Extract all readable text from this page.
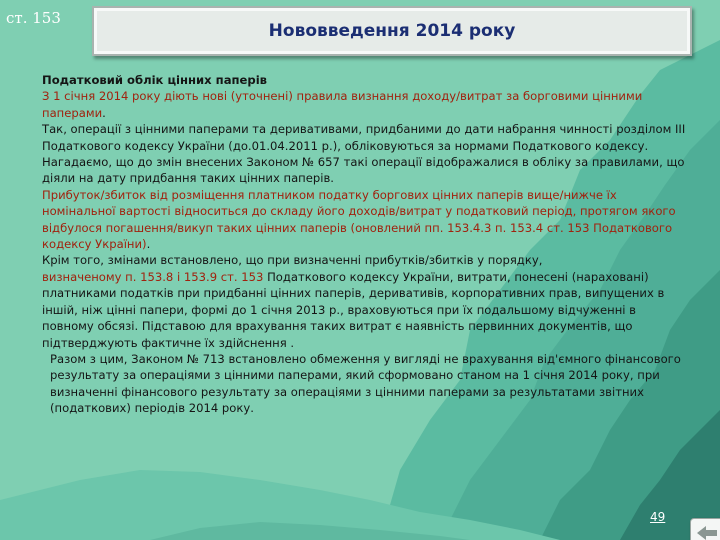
ст. 153
Нововведення 2014 року

Податковий облік цінних паперів

З 1 січня 2014 року діють нові (уточнені) правила визнання доходу/витрат за борговими цінними паперами.

Так, операції з цінними паперами та деривативами, придбаними до дати набрання чинності розділом III Податкового кодексу України (до.01.04.2011 р.), обліковуються за нормами Податкового кодексу. Нагадаємо, що до змін внесених Законом № 657 такі операції відображалися в обліку за правилами, що діяли на дату придбання таких цінних паперів.

Прибуток/збиток від розміщення платником податку боргових цінних паперів вище/нижче їх номінальної вартості відноситься до складу його доходів/витрат у податковий період, протягом якого відбулося погашення/викуп таких цінних паперів (оновлений пп. 153.4.3 п. 153.4 ст. 153 Податкового кодексу України).

Крім того, змінами встановлено, що при визначенні прибутків/збитків у порядку,
визначеному п. 153.8 і 153.9 ст. 153 Податкового кодексу України, витрати, понесені (нараховані) платниками податків при придбанні цінних паперів, деривативів, корпоративних прав, випущених в іншій, ніж цінні папери, формі до 1 січня 2013 р., враховуються при їх подальшому відчуженні в повному обсязі. Підставою для врахування таких витрат є наявність первинних документів, що підтверджують фактичне їх здійснення .

Разом з цим, Законом № 713 встановлено обмеження у вигляді не врахування від'ємного фінансового результату за операціями з цінними паперами, який сформовано станом на 1 січня 2014 року, при визначенні фінансового результату за операціями з цінними паперами за результатами звітних (податкових) періодів 2014 року.

49
